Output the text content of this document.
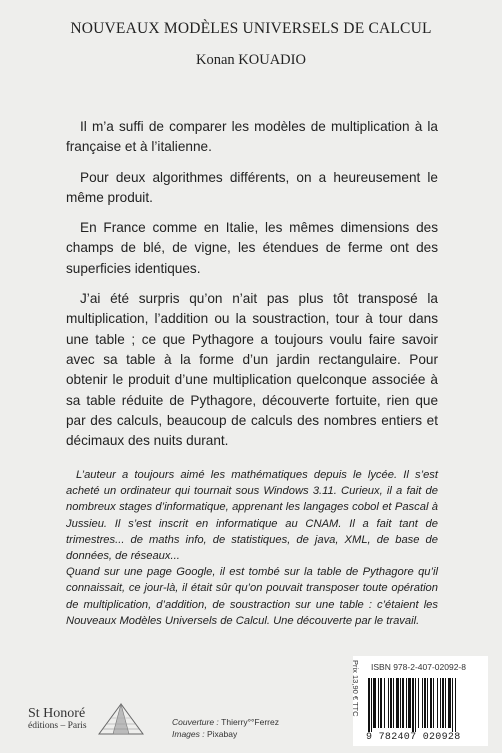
NOUVEAUX MODÈLES UNIVERSELS DE CALCUL
Konan KOUADIO

Il m’a suffi de comparer les modèles de multiplication à la française et à l’italienne.

Pour deux algorithmes différents, on a heureusement le même produit.

En France comme en Italie, les mêmes dimensions des champs de blé, de vigne, les étendues de ferme ont des superficies identiques.

J’ai été surpris qu’on n’ait pas plus tôt transposé la multiplication, l’addition ou la soustraction, tour à tour dans une table ; ce que Pythagore a toujours voulu faire savoir avec sa table à la forme d’un jardin rectangulaire. Pour obtenir le produit d’une multiplication quelconque associée à sa table réduite de Pythagore, découverte fortuite, rien que par des calculs, beaucoup de calculs des nombres entiers et décimaux des nuits durant.

L’auteur a toujours aimé les mathématiques depuis le lycée. Il s’est acheté un ordinateur qui tournait sous Windows 3.11. Curieux, il a fait de nombreux stages d’informatique, apprenant les langages cobol et Pascal à Jussieu. Il s’est inscrit en informatique au CNAM. Il a fait tant de trimestres... de maths info, de statistiques, de java, XML, de base de données, de réseaux...

Quand sur une page Google, il est tombé sur la table de Pythagore qu’il connaissait, ce jour-là, il était sûr qu’on pouvait transposer toute opération de multiplication, d’addition, de soustraction sur une table : c’étaient les Nouveaux Modèles Universels de Calcul. Une découverte par le travail.

St Honoré
éditions – Paris	Couverture : Thierry°°Ferrez
Images : Pixabay
Prix 13,90 € TTC ISBN 978-2-407-02092-8
9 782407 020928
